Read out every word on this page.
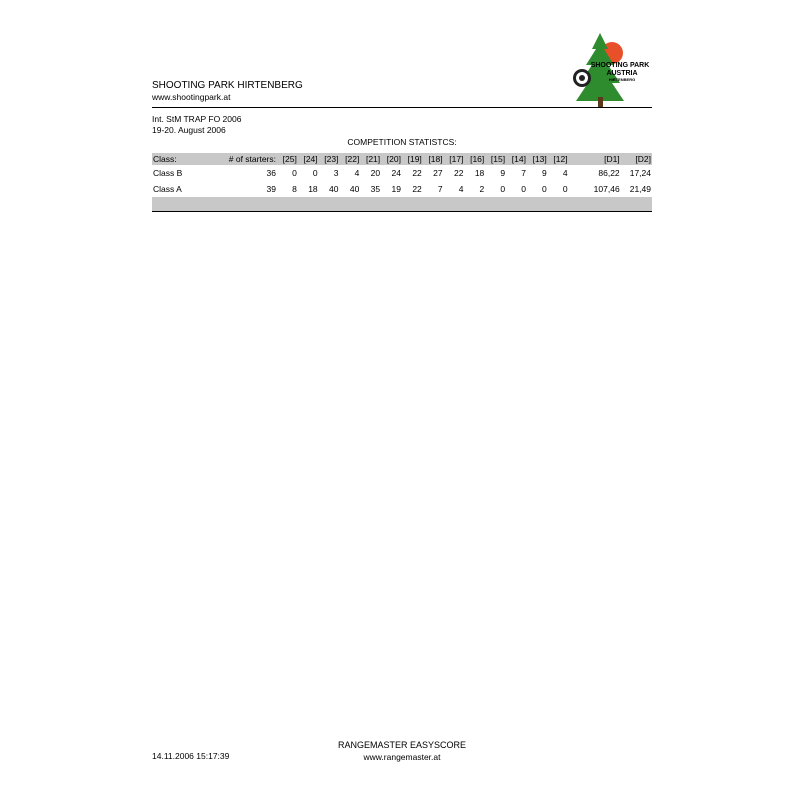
SHOOTING PARK HIRTENBERG
www.shootingpark.at
SHOOTING PARK
AUSTRIA
HIRTENBERG
Int. StM TRAP FO 2006
19-20. August 2006
COMPETITION STATISTCS:
Class:	# of starters:	[25]	[24]	[23]	[22]	[21]	[20]	[19]	[18]	[17]	[16]	[15]	[14]	[13]	[12]	[D1]	[D2]
Class B	36	0	0	3	4	20	24	22	27	22	18	9	7	9	4	86,22	17,24
Class A	39	8	18	40	40	35	19	22	7	4	2	0	0	0	0	107,46	21,49

14.11.2006 15:17:39
RANGEMASTER EASYSCORE
www.rangemaster.at
